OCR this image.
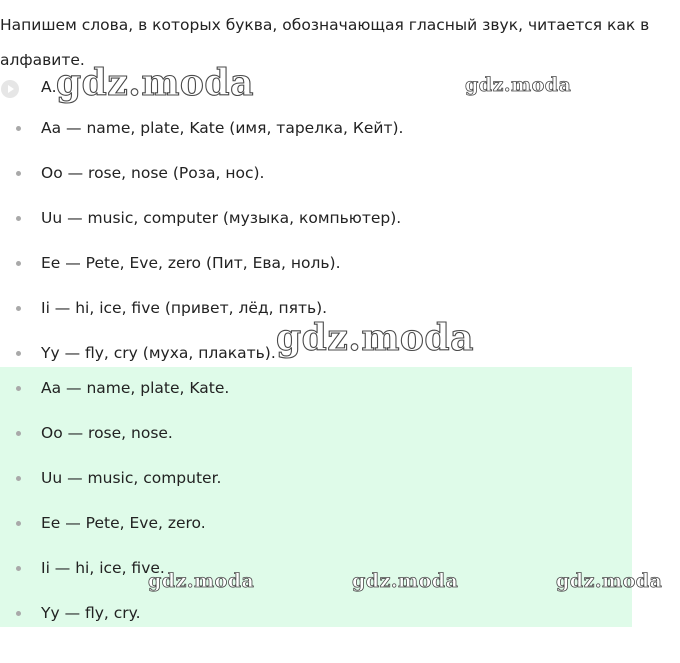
Напишем слова, в которых буква, обозначающая гласный звук, читается как в алфавите.
А.
Aa — name, plate, Kate (имя, тарелка, Кейт).
Oo — rose, nose (Роза, нос).
Uu — music, computer (музыка, компьютер).
Ee — Pete, Eve, zero (Пит, Ева, ноль).
Ii — hi, ice, five (привет, лёд, пять).
Yy — fly, cry (муха, плакать).
Aa — name, plate, Kate.
Oo — rose, nose.
Uu — music, computer.
Ee — Pete, Eve, zero.
Ii — hi, ice, five.
Yy — fly, cry.
gdz.moda	gdz.moda
gdz.moda
gdz.moda	gdz.moda	gdz.moda
